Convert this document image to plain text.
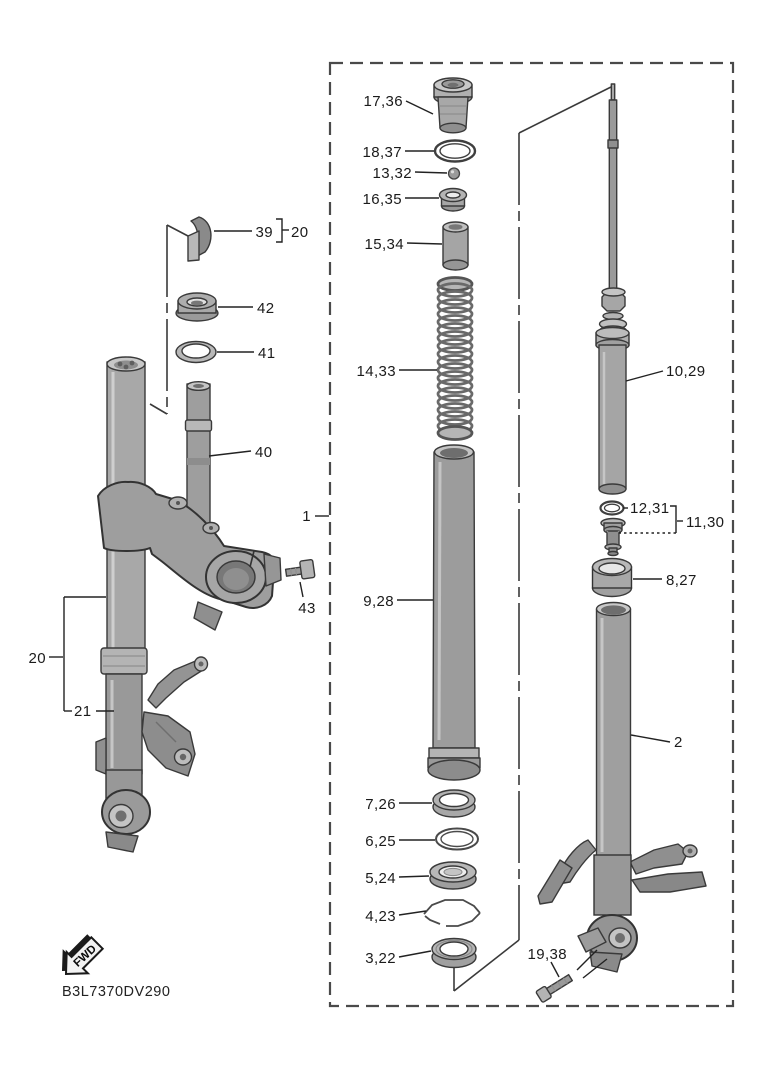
17,36
18,37
13,32
16,35
15,34
14,33
9,28
7,26
6,25
5,24
4,23
3,22	19,38
10,29
12,31
11,30
8,27
2
1
39 20
42
41
40
43
20
21
FWD
B3L7370DV290
